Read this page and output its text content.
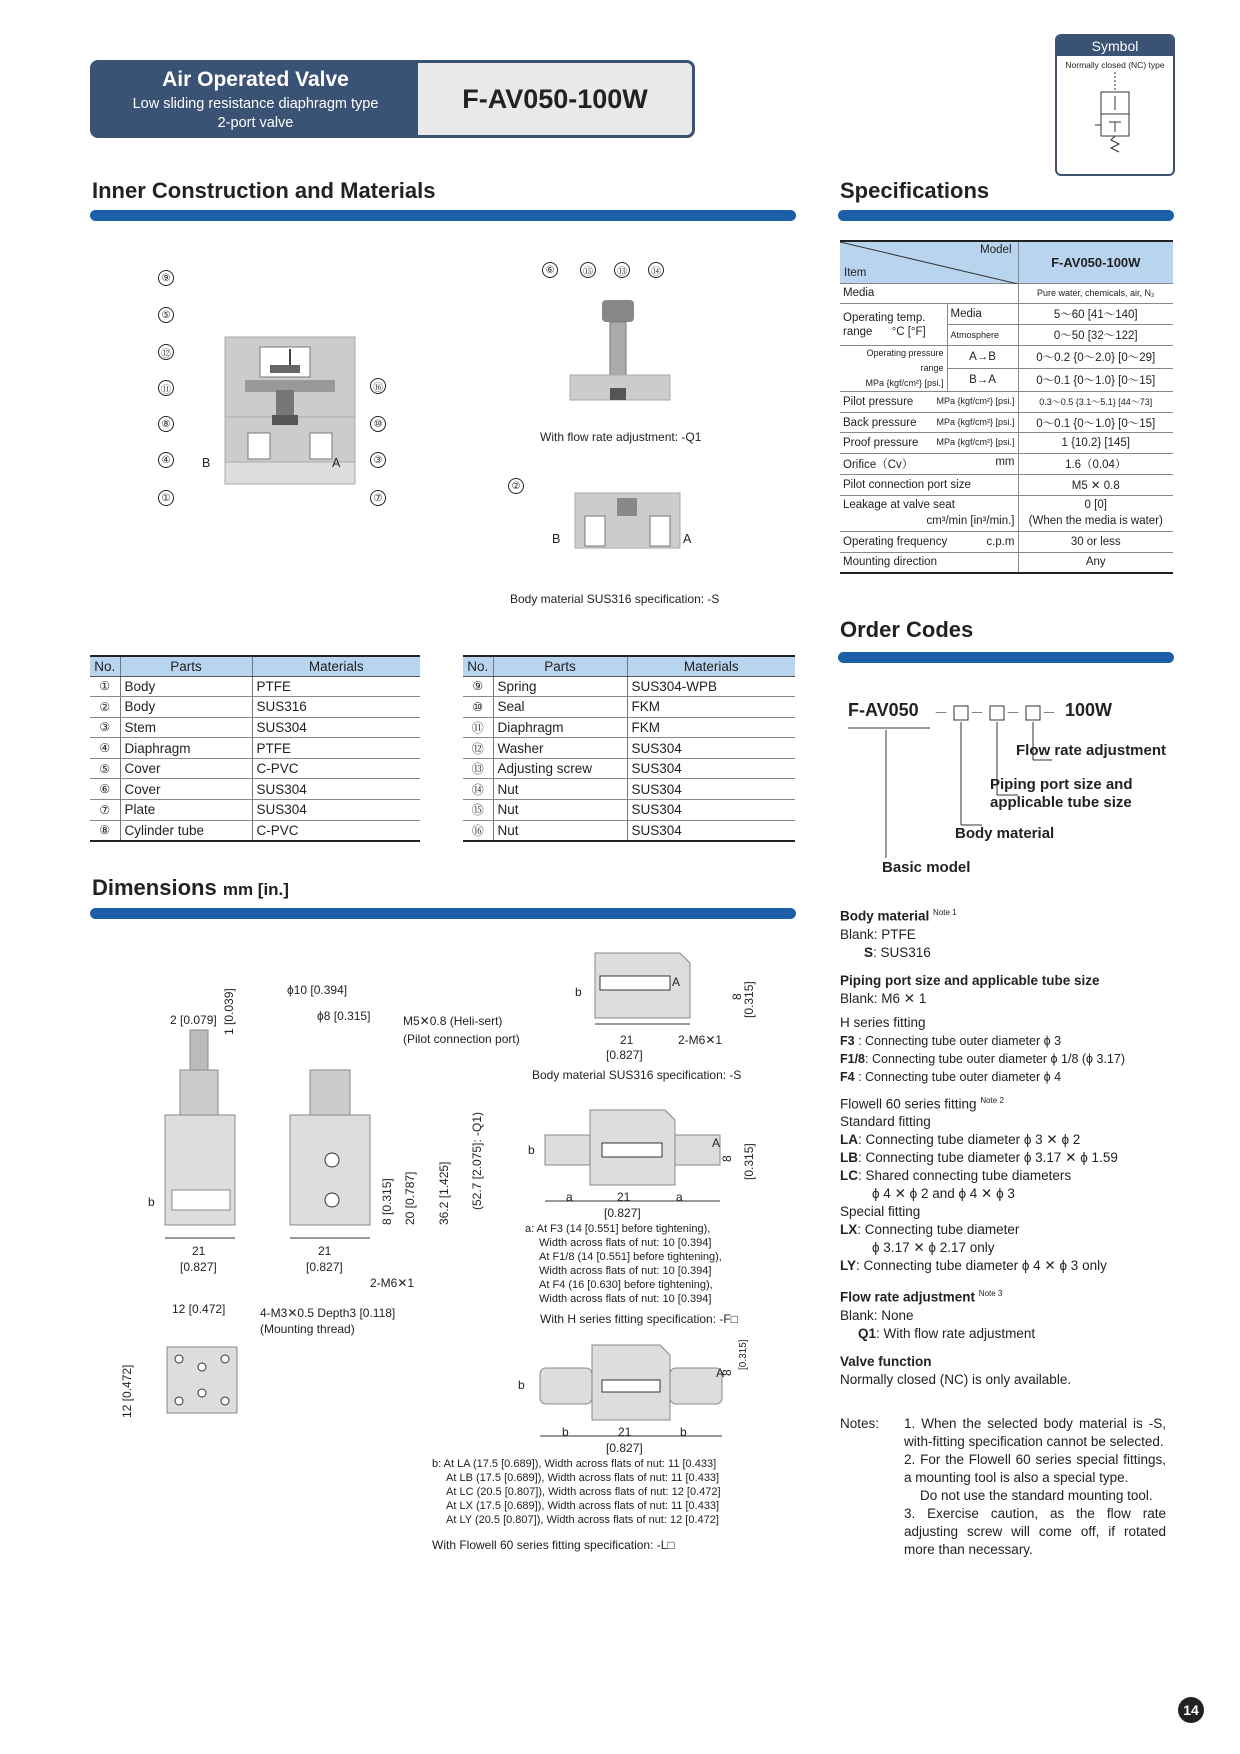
Air Operated Valve
Low sliding resistance diaphragm type
2-port valve
F-AV050-100W
Symbol
Normally closed (NC) type
Inner Construction and Materials	Specifications
With flow rate adjustment: -Q1
Body material SUS316 specification: -S
⑨
⑤
⑫
⑪
⑧
④
①
⑯
⑩
③
⑦
B	A
⑥	⑮	⑬	⑭
②
B	A
Model
Item		F-AV050-100W
Media		Pure water, chemicals, air, N₂
Operating temp.
range °C [°F]	Media	5～60 [41～140]
	Atmosphere	0～50 [32～122]
Operating pressure range
MPa {kgf/cm²} [psi.]	A→B	0～0.2 {0～2.0} [0～29]
	B→A	0～0.1 {0～1.0} [0～15]
Pilot pressure MPa {kgf/cm²} [psi.]		0.3～0.5 {3.1～5.1} [44～73]
Back pressure MPa {kgf/cm²} [psi.]		0～0.1 {0～1.0} [0～15]
Proof pressure MPa {kgf/cm²} [psi.]		1 {10.2} [145]
Orifice（Cv） mm		1.6（0.04）
Pilot connection port size		M5 ✕ 0.8
Leakage at valve seat

cm³/min [in³/min.]		0 [0]
(When the media is water)
Operating frequency c.p.m		30 or less
Mounting direction		Any
Order Codes
F-AV050	100W
－ － － －
Flow rate adjustment
Piping port size and
applicable tube size
Body material
Basic model
Body material $^{Note 1}$
Blank: PTFE
S: SUS316
Piping port size and applicable tube size
Blank: M6 ✕ 1
H series fitting
F3 : Connecting tube outer diameter ϕ 3
F1/8: Connecting tube outer diameter ϕ 1/8 (ϕ 3.17)
F4 : Connecting tube outer diameter ϕ 4
Flowell 60 series fitting $^{Note 2}$
Standard fitting
LA: Connecting tube diameter ϕ 3 ✕ ϕ 2
LB: Connecting tube diameter ϕ 3.17 ✕ ϕ 1.59
LC: Shared connecting tube diameters
ϕ 4 ✕ ϕ 2 and ϕ 4 ✕ ϕ 3
Special fitting
LX: Connecting tube diameter
ϕ 3.17 ✕ ϕ 2.17 only
LY: Connecting tube diameter ϕ 4 ✕ ϕ 3 only
Flow rate adjustment $^{Note 3}$
Blank: None
Q1: With flow rate adjustment
Valve function
Normally closed (NC) is only available.
Notes:	1. When the selected body material is -S, with-fitting specification cannot be selected.
2. For the Flowell 60 series special fittings, a mounting tool is also a special type.
Do not use the standard mounting tool.
3. Exercise caution, as the flow rate adjusting screw will come off, if rotated more than necessary.
No.	Parts	Materials
①	Body	PTFE
②	Body	SUS316
③	Stem	SUS304
④	Diaphragm	PTFE
⑤	Cover	C-PVC
⑥	Cover	SUS304
⑦	Plate	SUS304
⑧	Cylinder tube	C-PVC
No.	Parts	Materials
⑨	Spring	SUS304-WPB
⑩	Seal	FKM
⑪	Diaphragm	FKM
⑫	Washer	SUS304
⑬	Adjusting screw	SUS304
⑭	Nut	SUS304
⑮	Nut	SUS304
⑯	Nut	SUS304
Dimensions mm [in.]
ϕ10 [0.394]
ϕ8 [0.315]	M5✕0.8 (Heli-sert)
(Pilot connection port)
2 [0.079] 1 [0.039]
21
[0.827]
21
[0.827]
2-M6✕1
b	8 [0.315] 20 [0.787] 36.2 [1.425] (52.7 [2.075]: -Q1)
12 [0.472]
12 [0.472]
4-M3✕0.5 Depth3 [0.118]
(Mounting thread)
b
A
21
[0.827]
2-M6✕1
8
[0.315]
Body material SUS316 specification: -S
b	A
a	21	a
[0.827]
8 [0.315]
a: At F3 (14 [0.551] before tightening),
Width across flats of nut: 10 [0.394]
At F1/8 (14 [0.551] before tightening),
Width across flats of nut: 10 [0.394]
At F4 (16 [0.630] before tightening),
Width across flats of nut: 10 [0.394]
With H series fitting specification: -F□
b
A
b	21	b
[0.827]
8
[0.315]
b: At LA (17.5 [0.689]), Width across flats of nut: 11 [0.433]
At LB (17.5 [0.689]), Width across flats of nut: 11 [0.433]
At LC (20.5 [0.807]), Width across flats of nut: 12 [0.472]
At LX (17.5 [0.689]), Width across flats of nut: 11 [0.433]
At LY (20.5 [0.807]), Width across flats of nut: 12 [0.472]
With Flowell 60 series fitting specification: -L□
14
